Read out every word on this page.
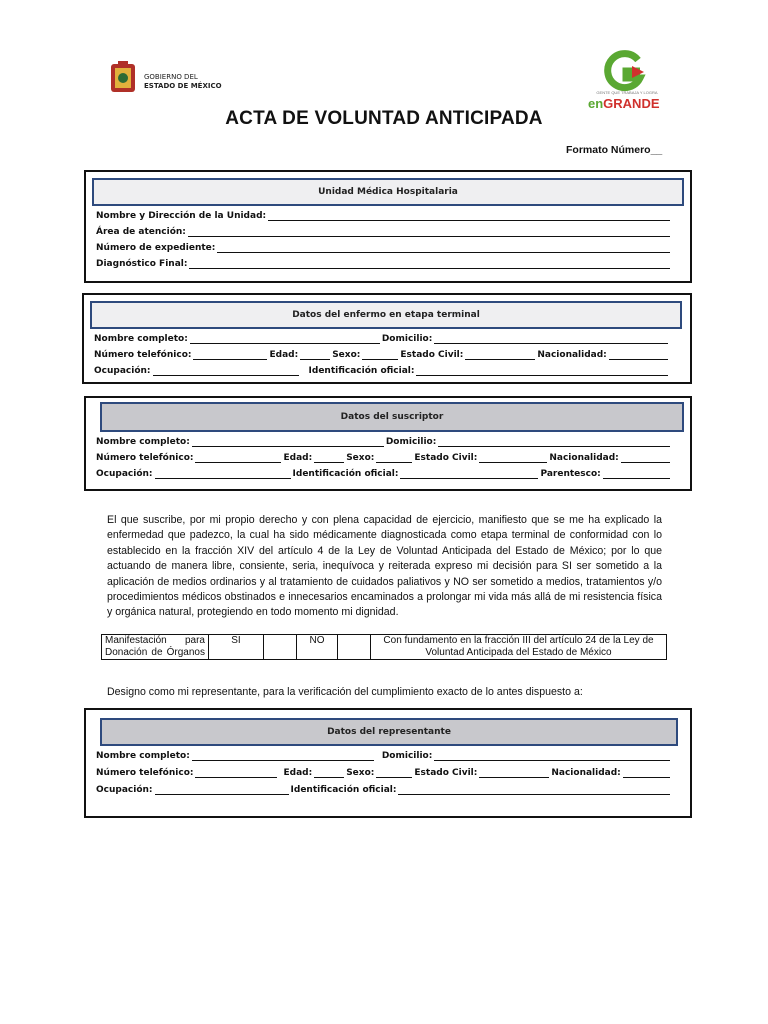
GOBIERNO DEL
ESTADO DE MÉXICO
GENTE QUE TRABAJA Y LOGRA
enGRANDE
ACTA DE VOLUNTAD ANTICIPADA
Formato Número__
Unidad Médica Hospitalaria
Nombre y Dirección de la Unidad:
Área de atención:
Número de expediente:
Diagnóstico Final:
Datos del enfermo en etapa terminal
Nombre completo:	Domicilio:
Número telefónico:	Edad:	Sexo:	Estado Civil:	Nacionalidad:
Ocupación:	Identificación oficial:
Datos del suscriptor
Nombre completo:	Domicilio:
Número telefónico:	Edad:	Sexo:	Estado Civil:	Nacionalidad:
Ocupación:	Identificación oficial:	Parentesco:
El que suscribe, por mi propio derecho y con plena capacidad de ejercicio, manifiesto que se me ha explicado la enfermedad que padezco, la cual ha sido médicamente diagnosticada como etapa terminal de conformidad con lo establecido en la fracción XIV del artículo 4 de la Ley de Voluntad Anticipada del Estado de México; por lo que actuando de manera libre, consiente, seria, inequívoca y reiterada expreso mi decisión para SI ser sometido a la aplicación de medios ordinarios y al tratamiento de cuidados paliativos y NO ser sometido a medios, tratamientos y/o procedimientos médicos obstinados e innecesarios encaminados a prolongar mi vida más allá de mi resistencia física y orgánica natural, protegiendo en todo momento mi dignidad.
Manifestación para Donación de Órganos	SI		NO		Con fundamento en la fracción III del artículo 24 de la Ley de Voluntad Anticipada del Estado de México
Designo como mi representante, para la verificación del cumplimiento exacto de lo antes dispuesto a:
Datos del representante
Nombre completo:	Domicilio:
Número telefónico:	Edad:	Sexo:	Estado Civil:	Nacionalidad:
Ocupación:	Identificación oficial:
